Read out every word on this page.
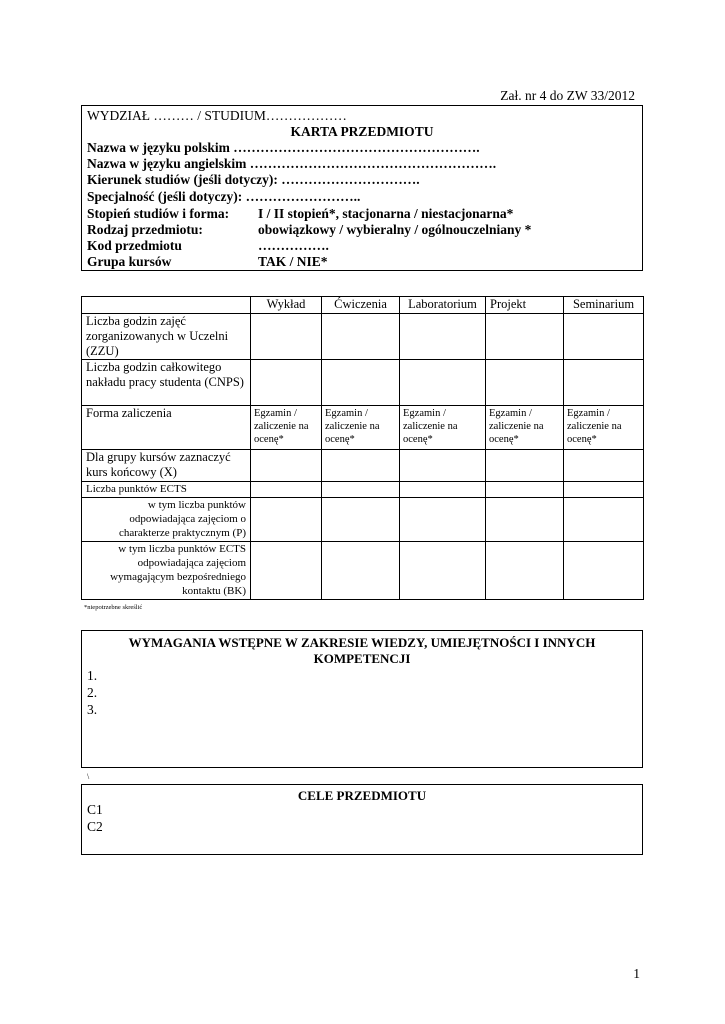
Zał. nr 4 do ZW 33/2012
WYDZIAŁ ……… / STUDIUM………………
KARTA PRZEDMIOTU
Nazwa w języku polskim ……………………………………………….
Nazwa w języku angielskim ……………………………………………….
Kierunek studiów (jeśli dotyczy): ………………………….
Specjalność (jeśli dotyczy): ……………………..
Stopień studiów i forma: I / II stopień*, stacjonarna / niestacjonarna*
Rodzaj przedmiotu:	obowiązkowy / wybieralny / ogólnouczelniany *
Kod przedmiotu	…………….
Grupa kursów	TAK / NIE*
	Wykład	Ćwiczenia	Laboratorium	Projekt	Seminarium
Liczba godzin zajęć zorganizowanych w Uczelni (ZZU)					
Liczba godzin całkowitego nakładu pracy studenta (CNPS)					
Forma zaliczenia	Egzamin / zaliczenie na ocenę*	Egzamin / zaliczenie na ocenę*	Egzamin / zaliczenie na ocenę*	Egzamin / zaliczenie na ocenę*	Egzamin / zaliczenie na ocenę*
Dla grupy kursów zaznaczyć kurs końcowy (X)					
Liczba punktów ECTS					
w tym liczba punktów odpowiadająca zajęciom o charakterze praktycznym (P)					
w tym liczba punktów ECTS odpowiadająca zajęciom wymagającym bezpośredniego kontaktu (BK)					
*niepotrzebne skreślić
WYMAGANIA WSTĘPNE W ZAKRESIE WIEDZY, UMIEJĘTNOŚCI I INNYCH KOMPETENCJI
1.
2.
3.
\
CELE PRZEDMIOTU
C1
C2
1
